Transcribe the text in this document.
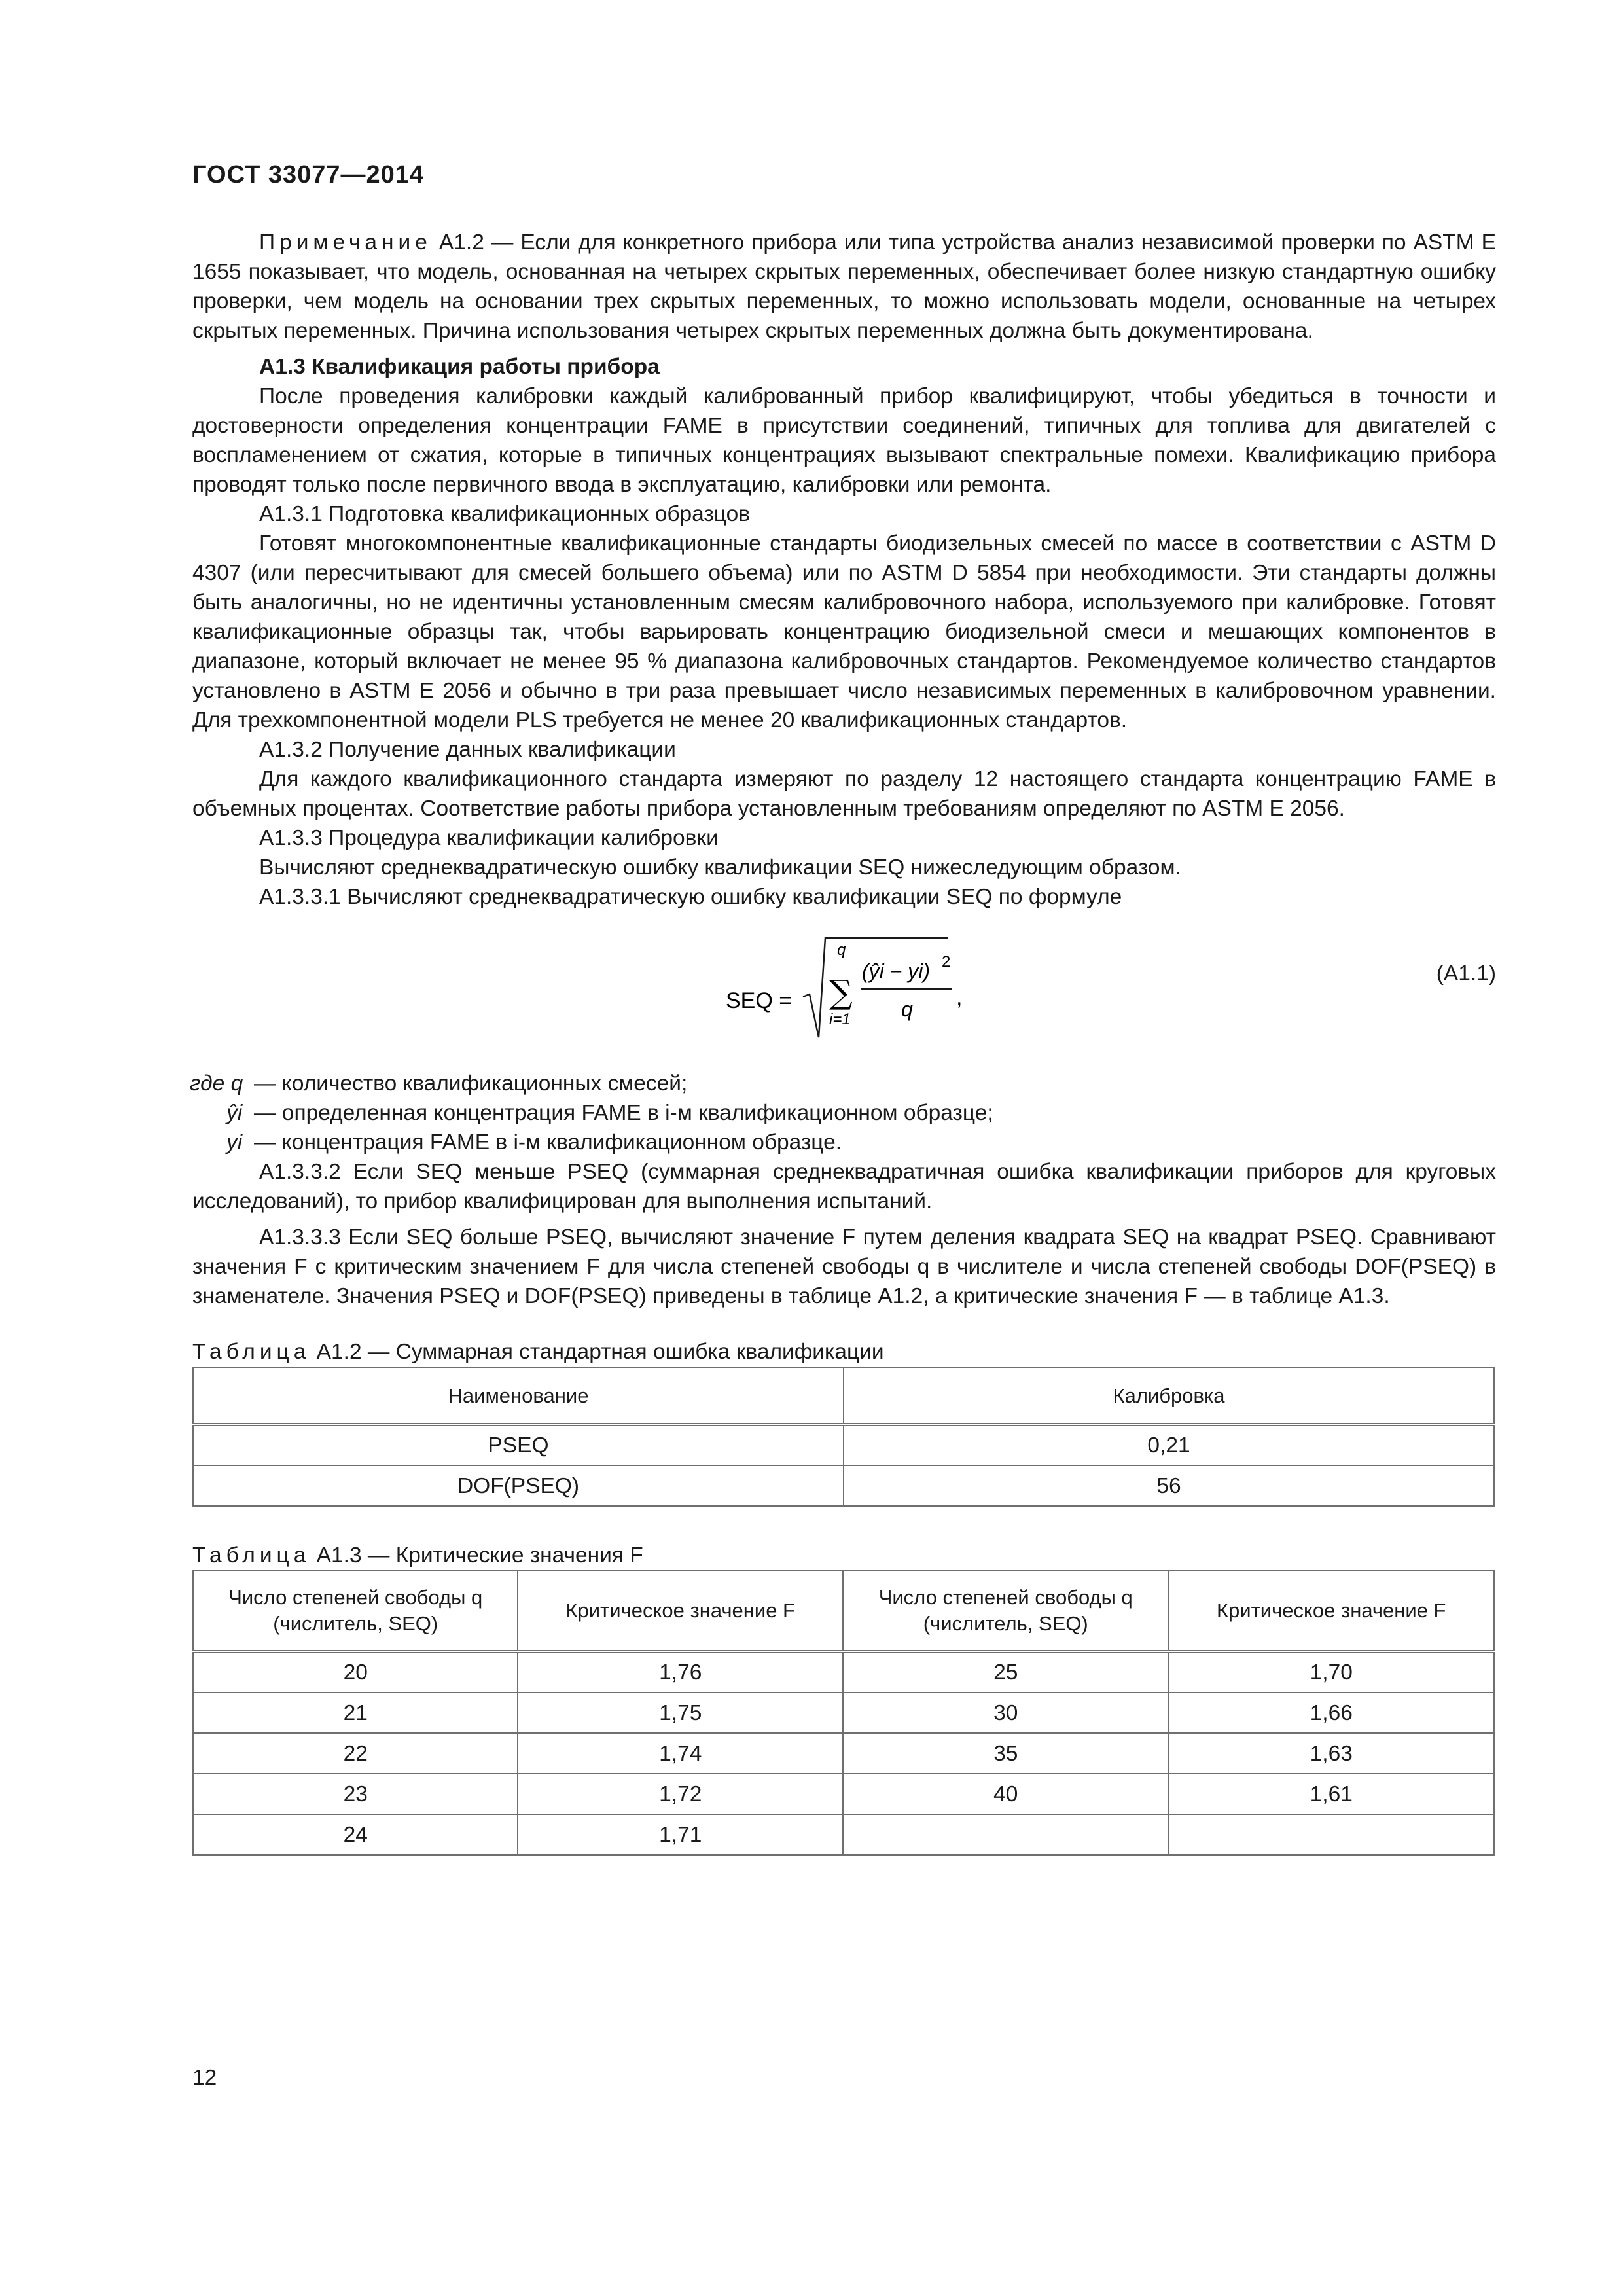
ГОСТ 33077—2014

Примечание А1.2 — Если для конкретного прибора или типа устройства анализ независимой проверки по ASTM E 1655 показывает, что модель, основанная на четырех скрытых переменных, обеспечивает более низкую стандартную ошибку проверки, чем модель на основании трех скрытых переменных, то можно использовать модели, основанные на четырех скрытых переменных. Причина использования четырех скрытых переменных должна быть документирована.

А1.3 Квалификация работы прибора

После проведения калибровки каждый калиброванный прибор квалифицируют, чтобы убедиться в точности и достоверности определения концентрации FAME в присутствии соединений, типичных для топлива для двигателей с воспламенением от сжатия, которые в типичных концентрациях вызывают спектральные помехи. Квалификацию прибора проводят только после первичного ввода в эксплуатацию, калибровки или ремонта.

А1.3.1 Подготовка квалификационных образцов

Готовят многокомпонентные квалификационные стандарты биодизельных смесей по массе в соответствии с ASTM D 4307 (или пересчитывают для смесей большего объема) или по ASTM D 5854 при необходимости. Эти стандарты должны быть аналогичны, но не идентичны установленным смесям калибровочного набора, используемого при калибровке. Готовят квалификационные образцы так, чтобы варьировать концентрацию биодизельной смеси и мешающих компонентов в диапазоне, который включает не менее 95 % диапазона калибровочных стандартов. Рекомендуемое количество стандартов установлено в ASTM E 2056 и обычно в три раза превышает число независимых переменных в калибровочном уравнении. Для трехкомпонентной модели PLS требуется не менее 20 квалификационных стандартов.

А1.3.2 Получение данных квалификации

Для каждого квалификационного стандарта измеряют по разделу 12 настоящего стандарта концентрацию FAME в объемных процентах. Соответствие работы прибора установленным требованиям определяют по ASTM E 2056.

А1.3.3 Процедура квалификации калибровки

Вычисляют среднеквадратическую ошибку квалификации SEQ нижеследующим образом.

А1.3.3.1 Вычисляют среднеквадратическую ошибку квалификации SEQ по формуле

SEQ = ∑
q
i=1
(ŷi − yi) 2
q ,
(А1.1)
где q — количество квалификационных смесей;
ŷi — определенная концентрация FAME в i-м квалификационном образце;
yi — концентрация FAME в i-м квалификационном образце.

А1.3.3.2 Если SEQ меньше PSEQ (суммарная среднеквадратичная ошибка квалификации приборов для круговых исследований), то прибор квалифицирован для выполнения испытаний.

А1.3.3.3 Если SEQ больше PSEQ, вычисляют значение F путем деления квадрата SEQ на квадрат PSEQ. Сравнивают значения F с критическим значением F для числа степеней свободы q в числителе и числа степеней свободы DOF(PSEQ) в знаменателе. Значения PSEQ и DOF(PSEQ) приведены в таблице А1.2, а критические значения F — в таблице А1.3.

Таблица А1.2 — Суммарная стандартная ошибка квалификации

Наименование	Калибровка
PSEQ	0,21
DOF(PSEQ)	56

Таблица А1.3 — Критические значения F

Число степеней свободы q (числитель, SEQ)	Критическое значение F	Число степеней свободы q (числитель, SEQ)	Критическое значение F
20	1,76	25	1,70
21	1,75	30	1,66
22	1,74	35	1,63
23	1,72	40	1,61
24	1,71		
12
